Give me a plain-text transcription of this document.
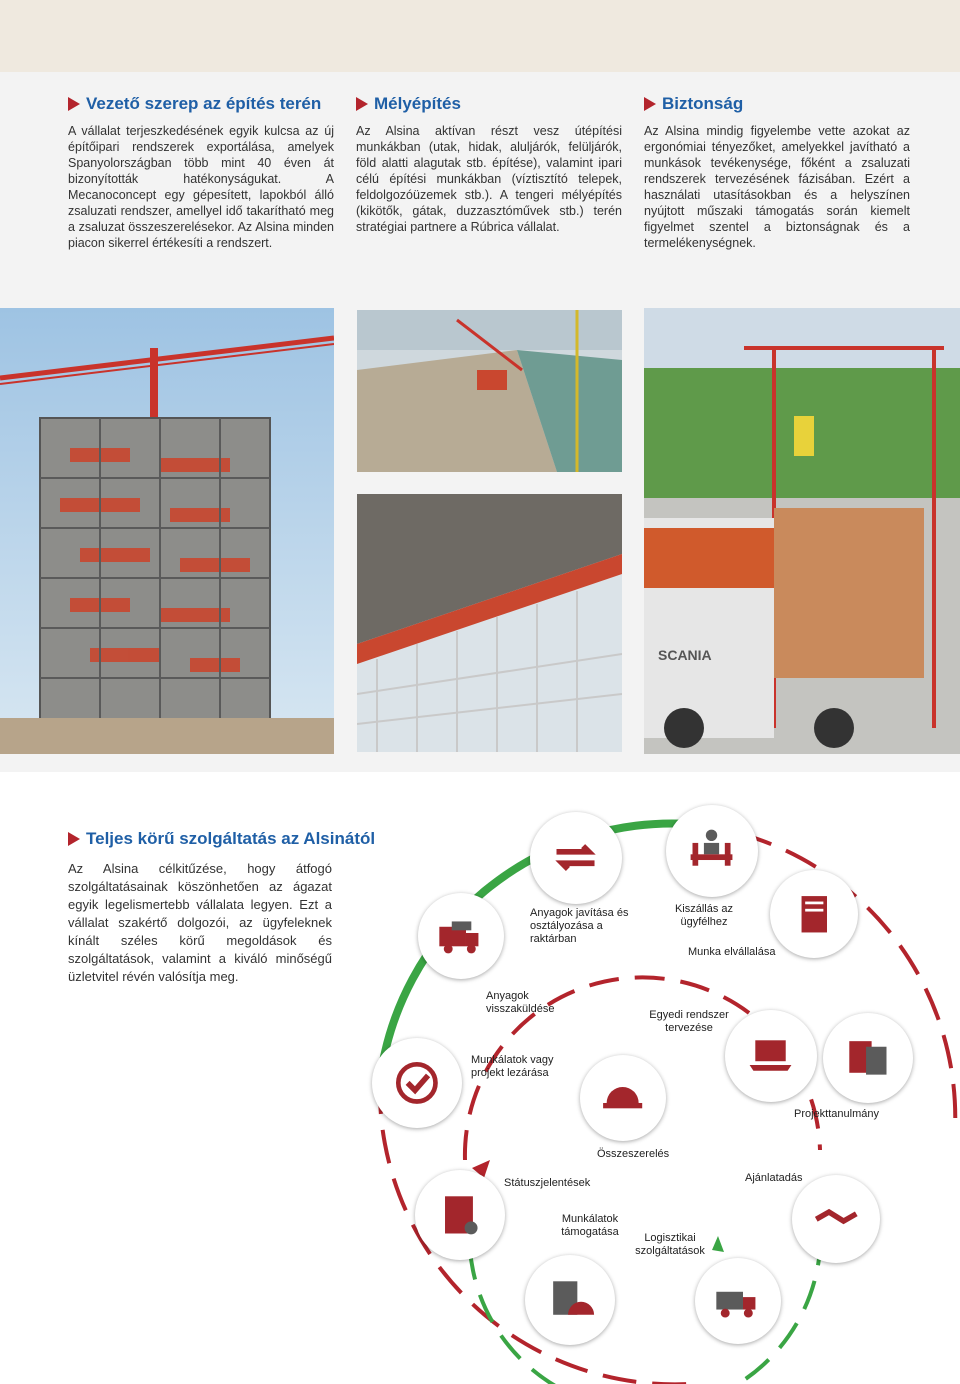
Vezető szerep az építés terén
A vállalat terjeszkedésének egyik kulcsa az új építőipari rendszerek exportálása, amelyek Spanyolországban több mint 40 éven át bizonyították hatékonyságukat. A Mecanoconcept egy gépesített, lapokból álló zsaluzati rendszer, amellyel idő takarítható meg a zsaluzat összeszerelésekor. Az Alsina minden piacon sikerrel értékesíti a rendszert.
Mélyépítés
Az Alsina aktívan részt vesz útépítési munkákban (utak, hidak, aluljárók, felüljárók, föld alatti alagutak stb. építése), valamint ipari célú építési munkákban (víztisztító telepek, feldolgozóüzemek stb.). A tengeri mélyépítés (kikötők, gátak, duzzasztóművek stb.) terén stratégiai partnere a Rúbrica vállalat.
Biztonság
Az Alsina mindig figyelembe vette azokat az ergonómiai tényezőket, amelyekkel javítható a munkások tevékenysége, főként a zsaluzati rendszerek tervezésének fázisában. Ezért a használati utasításokban és a helyszínen nyújtott műszaki támogatás során kiemelt figyelmet szentel a biztonságnak és a termelékenységnek.
SCANIA
Teljes körű szolgáltatás az Alsinától
Az Alsina célkitűzése, hogy átfogó szolgáltatásainak köszönhetően az ágazat egyik legelismertebb vállalata legyen. Ezt a vállalat szakértő dolgozói, az ügyfeleknek kínált széles körű megoldások és szolgáltatások, valamint a kiváló minőségű üzletvitel révén valósítja meg.
Anyagok javítása és osztályozása a raktárban
Kiszállás az ügyfélhez
Munka elvállalása
Anyagok visszaküldése	Egyedi rendszer tervezése
Munkálatok vagy projekt lezárása
Projekttanulmány
Összeszerelés
Státuszjelentések	Ajánlatadás
Munkálatok támogatása	Logisztikai szolgáltatások
